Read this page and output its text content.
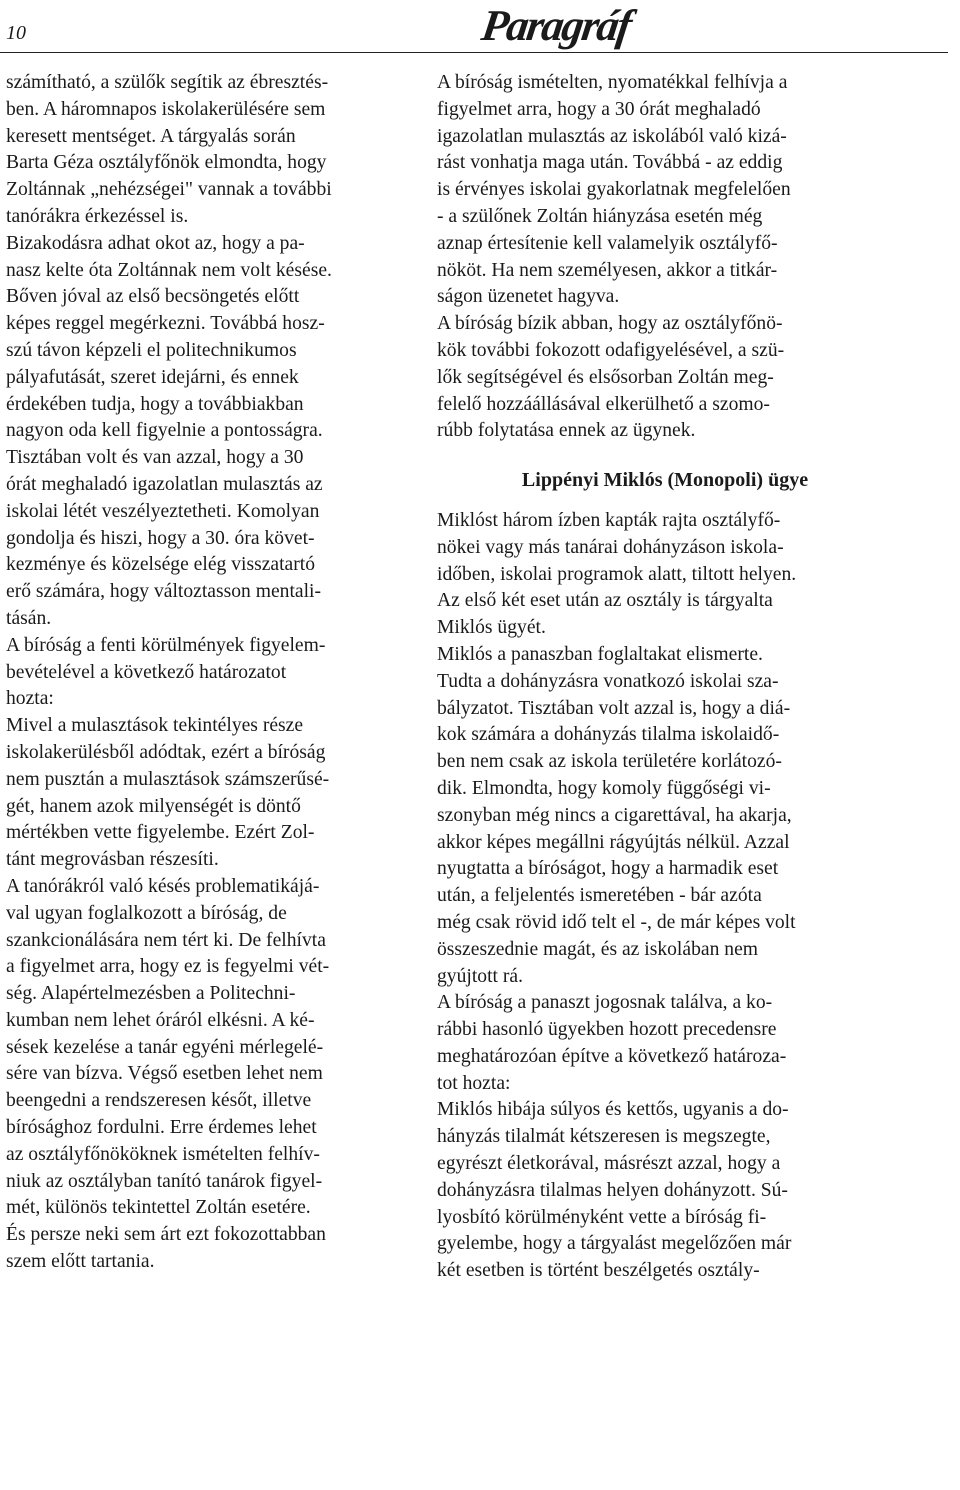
10	Paragráf
számítható, a szülők segítik az ébresztés-
ben. A háromnapos iskolakerülésére sem
keresett mentséget. A tárgyalás során
Barta Géza osztályfőnök elmondta, hogy
Zoltánnak „nehézségei" vannak a további
tanórákra érkezéssel is.
Bizakodásra adhat okot az, hogy a pa-
nasz kelte óta Zoltánnak nem volt késése.
Bőven jóval az első becsöngetés előtt
képes reggel megérkezni. Továbbá hosz-
szú távon képzeli el politechnikumos
pályafutását, szeret idejárni, és ennek
érdekében tudja, hogy a továbbiakban
nagyon oda kell figyelnie a pontosságra.
Tisztában volt és van azzal, hogy a 30
órát meghaladó igazolatlan mulasztás az
iskolai létét veszélyeztetheti. Komolyan
gondolja és hiszi, hogy a 30. óra követ-
kezménye és közelsége elég visszatartó
erő számára, hogy változtasson mentali-
tásán.
A bíróság a fenti körülmények figyelem-
bevételével a következő határozatot
hozta:
Mivel a mulasztások tekintélyes része
iskolakerülésből adódtak, ezért a bíróság
nem pusztán a mulasztások számszerűsé-
gét, hanem azok milyenségét is döntő
mértékben vette figyelembe. Ezért Zol-
tánt megrovásban részesíti.
A tanórákról való késés problematikájá-
val ugyan foglalkozott a bíróság, de
szankcionálására nem tért ki. De felhívta
a figyelmet arra, hogy ez is fegyelmi vét-
ség. Alapértelmezésben a Politechni-
kumban nem lehet óráról elkésni. A ké-
sések kezelése a tanár egyéni mérlegelé-
sére van bízva. Végső esetben lehet nem
beengedni a rendszeresen későt, illetve
bírósághoz fordulni. Erre érdemes lehet
az osztályfőnököknek ismételten felhív-
niuk az osztályban tanító tanárok figyel-
mét, különös tekintettel Zoltán esetére.
És persze neki sem árt ezt fokozottabban
szem előtt tartania.
A bíróság ismételten, nyomatékkal felhívja a
figyelmet arra, hogy a 30 órát meghaladó
igazolatlan mulasztás az iskolából való kizá-
rást vonhatja maga után. Továbbá - az eddig
is érvényes iskolai gyakorlatnak megfelelően
- a szülőnek Zoltán hiányzása esetén még
aznap értesítenie kell valamelyik osztályfő-
nököt. Ha nem személyesen, akkor a titkár-
ságon üzenetet hagyva.
A bíróság bízik abban, hogy az osztályfőnö-
kök további fokozott odafigyelésével, a szü-
lők segítségével és elsősorban Zoltán meg-
felelő hozzáállásával elkerülhető a szomo-
rúbb folytatása ennek az ügynek.
Lippényi Miklós (Monopoli) ügye
Miklóst három ízben kapták rajta osztályfő-
nökei vagy más tanárai dohányzáson iskola-
időben, iskolai programok alatt, tiltott helyen.
Az első két eset után az osztály is tárgyalta
Miklós ügyét.
Miklós a panaszban foglaltakat elismerte.
Tudta a dohányzásra vonatkozó iskolai sza-
bályzatot. Tisztában volt azzal is, hogy a diá-
kok számára a dohányzás tilalma iskolaidő-
ben nem csak az iskola területére korlátozó-
dik. Elmondta, hogy komoly függőségi vi-
szonyban még nincs a cigarettával, ha akarja,
akkor képes megállni rágyújtás nélkül. Azzal
nyugtatta a bíróságot, hogy a harmadik eset
után, a feljelentés ismeretében - bár azóta
még csak rövid idő telt el -, de már képes volt
összeszednie magát, és az iskolában nem
gyújtott rá.
A bíróság a panaszt jogosnak találva, a ko-
rábbi hasonló ügyekben hozott precedensre
meghatározóan építve a következő határoza-
tot hozta:
Miklós hibája súlyos és kettős, ugyanis a do-
hányzás tilalmát kétszeresen is megszegte,
egyrészt életkorával, másrészt azzal, hogy a
dohányzásra tilalmas helyen dohányzott. Sú-
lyosbító körülményként vette a bíróság fi-
gyelembe, hogy a tárgyalást megelőzően már
két esetben is történt beszélgetés osztály-
